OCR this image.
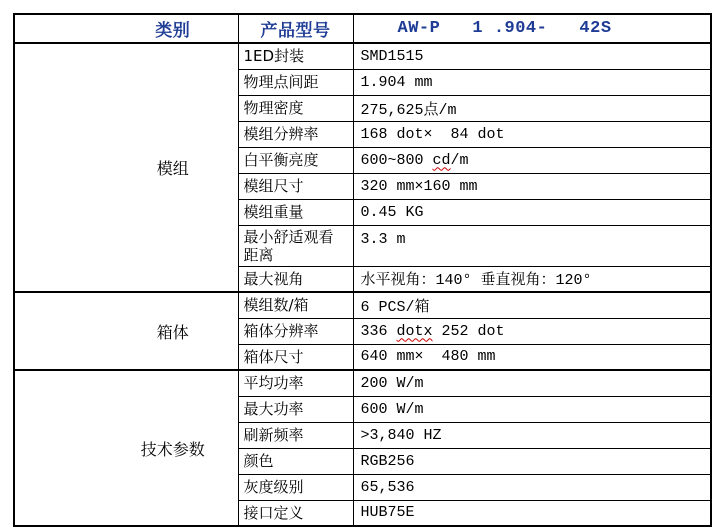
类别	产品型号	AW-P   1 .904-   42S
模组	1ED封装	SMD1515
	物理点间距	1.904 mm
	物理密度	275,625点/m
	模组分辨率	168 dot×  84 dot
	白平衡亮度	600~800 cd/m
	模组尺寸	320 mm×160 mm
	模组重量	0.45 KG
	最小舒适观看距离	3.3 m
	最大视角	水平视角：140° 垂直视角：120°
箱体	模组数/箱	6 PCS/箱
	箱体分辨率	336 dotx 252 dot
	箱体尺寸	640 mm×  480 mm
技术参数	平均功率	200 W/m
	最大功率	600 W/m
	刷新频率	>3,840 HZ
	颜色	RGB256
	灰度级别	65,536
	接口定义	HUB75E
